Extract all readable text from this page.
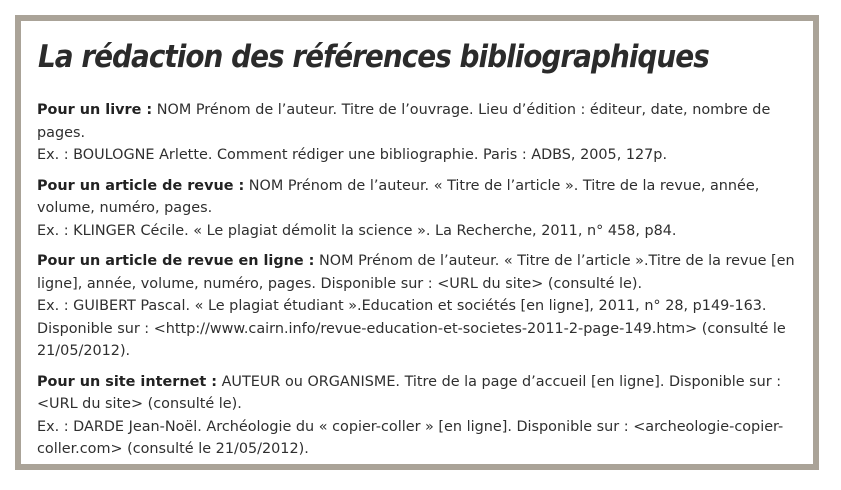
La rédaction des références bibliographiques
Pour un livre : NOM Prénom de l’auteur. Titre de l’ouvrage. Lieu d’édition : éditeur, date, nombre de
pages.
Ex. : BOULOGNE Arlette. Comment rédiger une bibliographie. Paris : ADBS, 2005, 127p.
Pour un article de revue : NOM Prénom de l’auteur. « Titre de l’article ». Titre de la revue, année,
volume, numéro, pages.
Ex. : KLINGER Cécile. « Le plagiat démolit la science ». La Recherche, 2011, n° 458, p84.
Pour un article de revue en ligne : NOM Prénom de l’auteur. « Titre de l’article ».Titre de la revue [en
ligne], année, volume, numéro, pages. Disponible sur : <URL du site> (consulté le).
Ex. : GUIBERT Pascal. « Le plagiat étudiant ».Education et sociétés [en ligne], 2011, n° 28, p149-163.
Disponible sur : <http://www.cairn.info/revue-education-et-societes-2011-2-page-149.htm> (consulté le
21/05/2012).
Pour un site internet : AUTEUR ou ORGANISME. Titre de la page d’accueil [en ligne]. Disponible sur :
<URL du site> (consulté le).
Ex. : DARDE Jean-Noël. Archéologie du « copier-coller » [en ligne]. Disponible sur : <archeologie-copier-
coller.com> (consulté le 21/05/2012).
